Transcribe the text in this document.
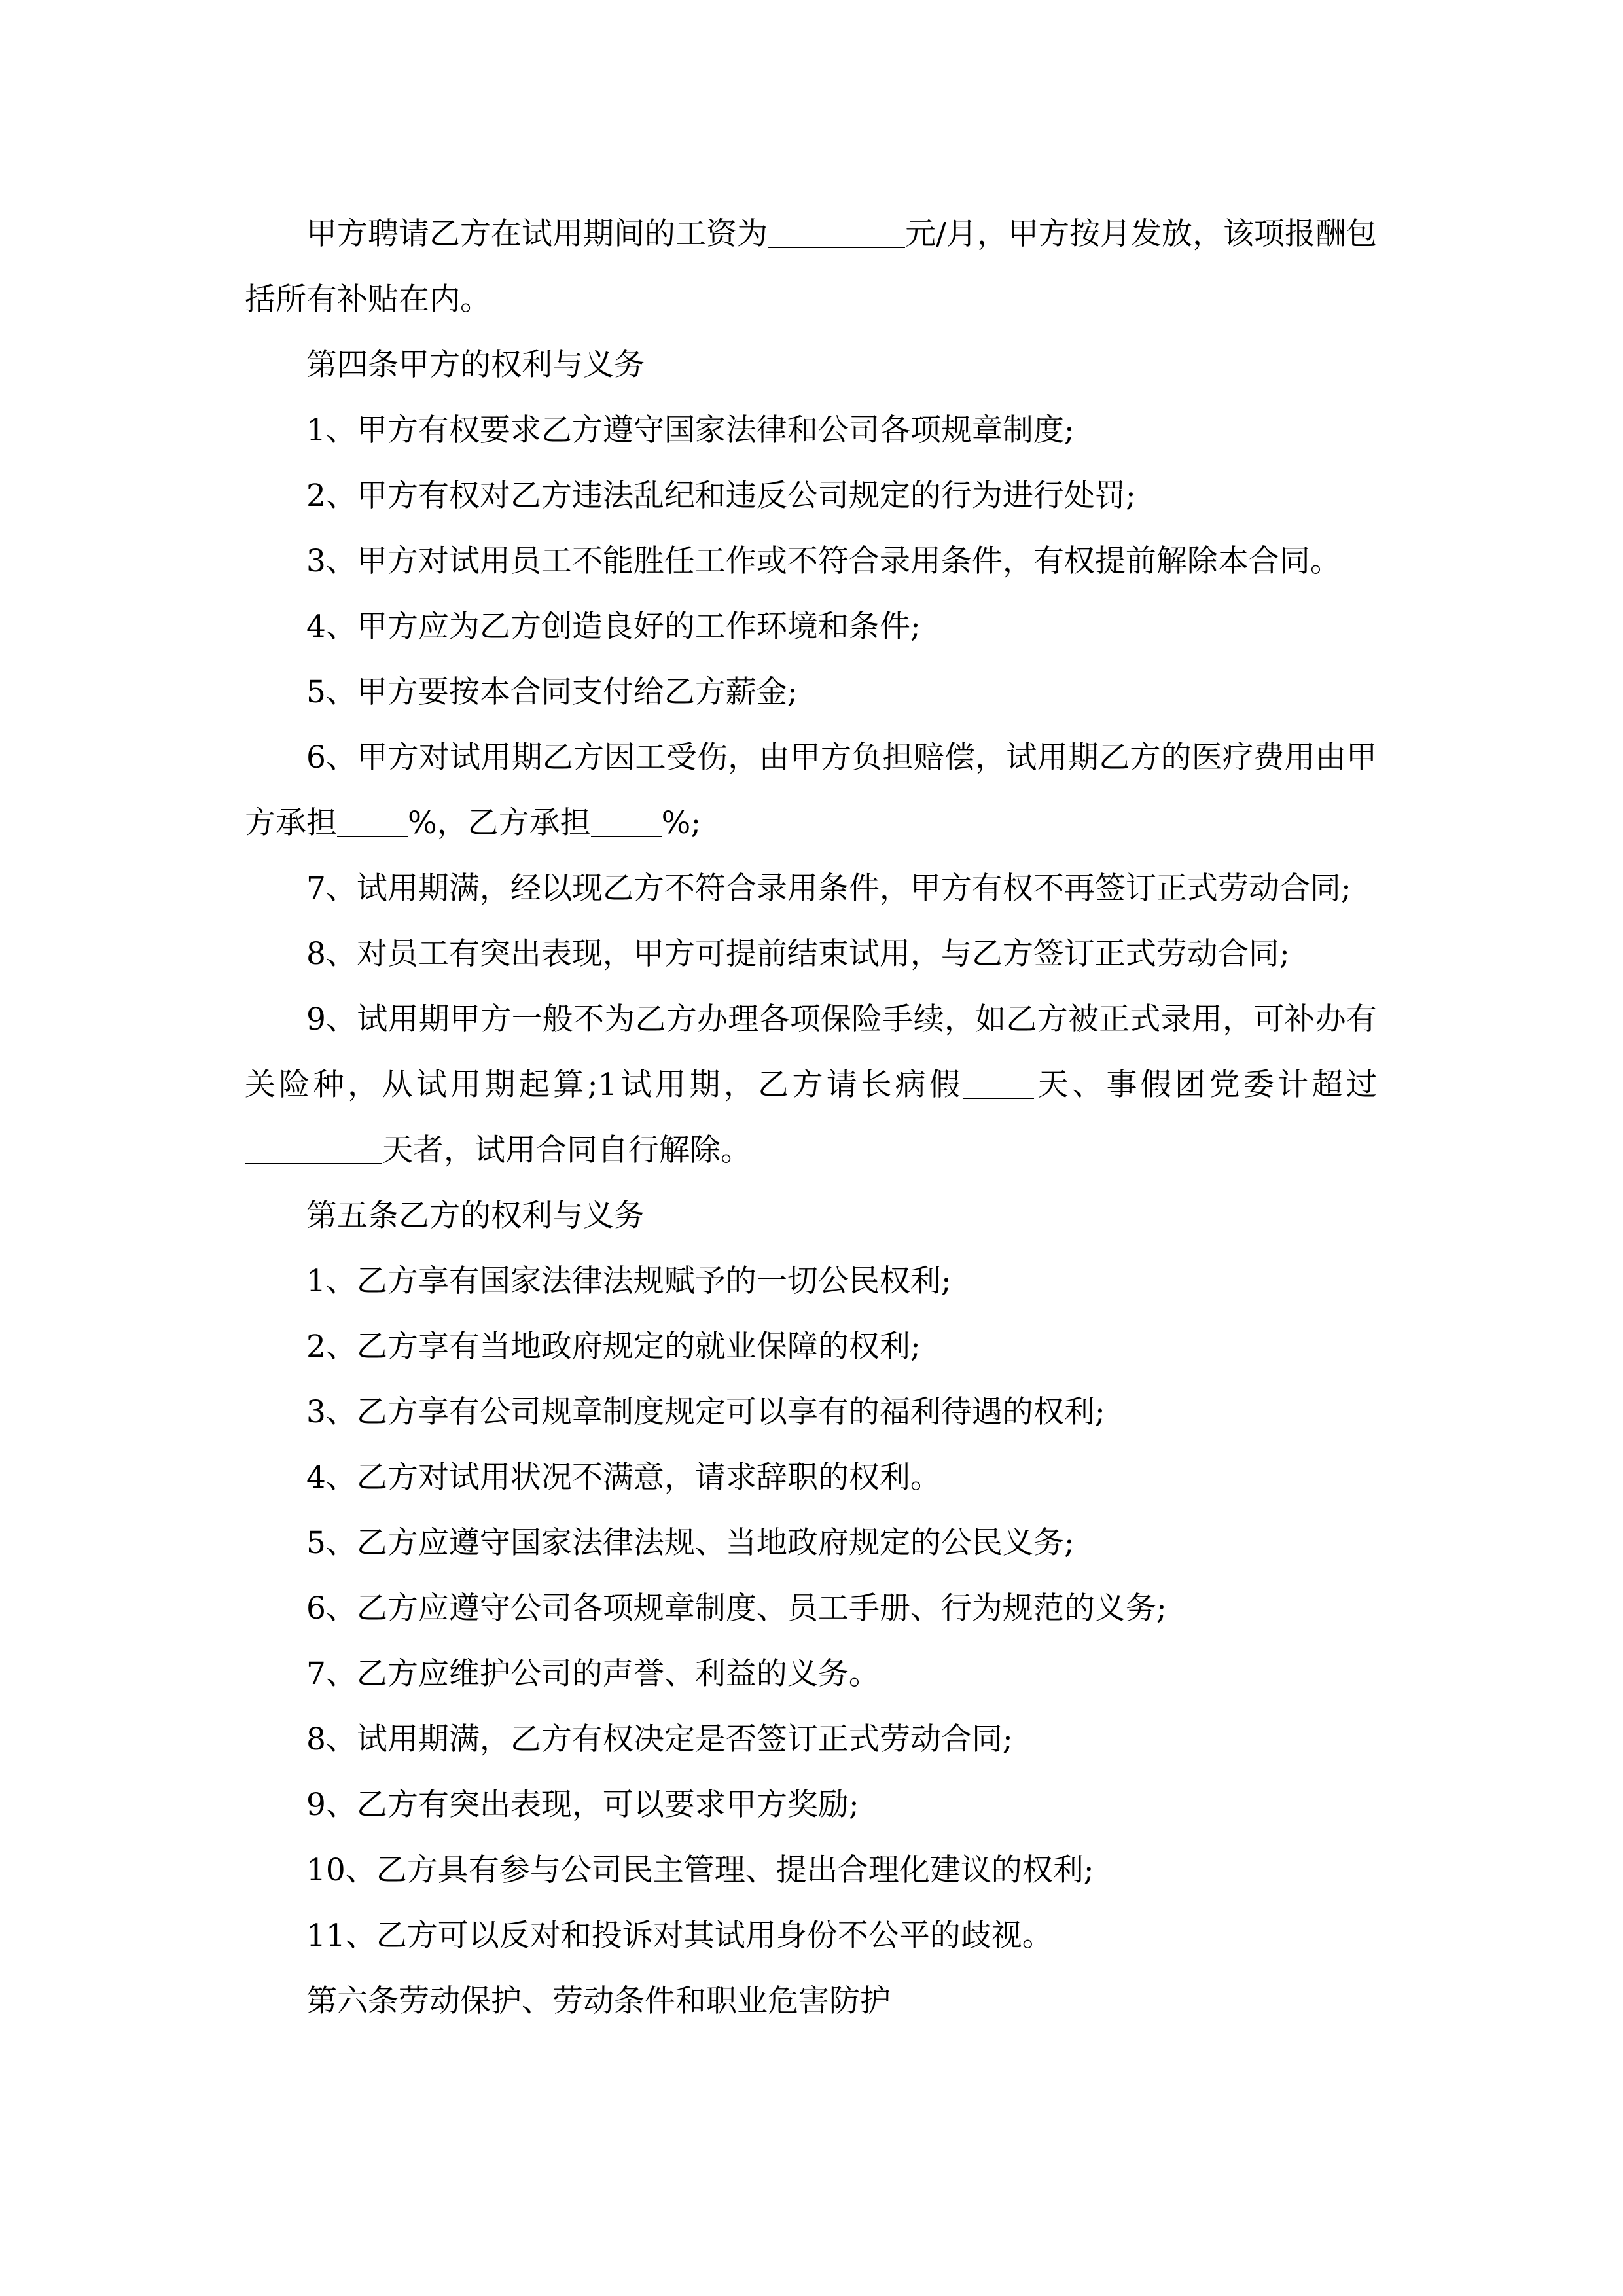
甲方聘请乙方在试用期间的工资为	元/月，甲方按月发放，该项报酬包括所有补贴在内。

第四条甲方的权利与义务

1、甲方有权要求乙方遵守国家法律和公司各项规章制度;

2、甲方有权对乙方违法乱纪和违反公司规定的行为进行处罚;

3、甲方对试用员工不能胜任工作或不符合录用条件，有权提前解除本合同。

4、甲方应为乙方创造良好的工作环境和条件;

5、甲方要按本合同支付给乙方薪金;

6、甲方对试用期乙方因工受伤，由甲方负担赔偿，试用期乙方的医疗费用由甲方承担 %，乙方承担 %;

7、试用期满，经以现乙方不符合录用条件，甲方有权不再签订正式劳动合同;

8、对员工有突出表现，甲方可提前结束试用，与乙方签订正式劳动合同;

9、试用期甲方一般不为乙方办理各项保险手续，如乙方被正式录用，可补办有关险种，从试用期起算;1试用期，乙方请长病假 天、事假团党委计超过天者，试用合同自行解除。

第五条乙方的权利与义务

1、乙方享有国家法律法规赋予的一切公民权利;

2、乙方享有当地政府规定的就业保障的权利;

3、乙方享有公司规章制度规定可以享有的福利待遇的权利;

4、乙方对试用状况不满意，请求辞职的权利。

5、乙方应遵守国家法律法规、当地政府规定的公民义务;

6、乙方应遵守公司各项规章制度、员工手册、行为规范的义务;

7、乙方应维护公司的声誉、利益的义务。

8、试用期满，乙方有权决定是否签订正式劳动合同;

9、乙方有突出表现，可以要求甲方奖励;

10、乙方具有参与公司民主管理、提出合理化建议的权利;

11、乙方可以反对和投诉对其试用身份不公平的歧视。

第六条劳动保护、劳动条件和职业危害防护
